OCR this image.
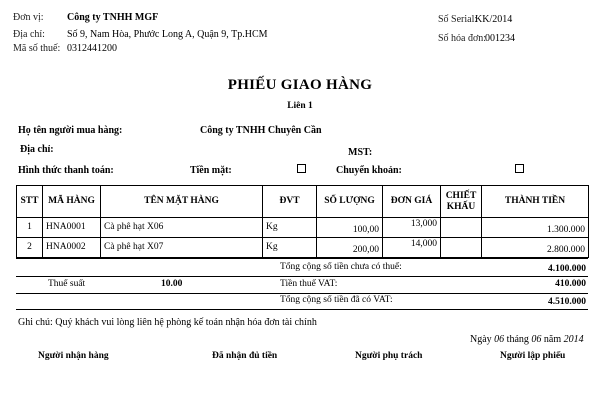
Đơn vị: Công ty TNHH MGF
Địa chỉ: Số 9, Nam Hòa, Phước Long A, Quận 9, Tp.HCM
Mã số thuế: 0312441200
Số Serial:
KK/2014
Số hóa đơn:
001234
PHIẾU GIAO HÀNG
Liên 1
Họ tên người mua hàng:	Công ty TNHH Chuyên Cần
Địa chỉ:	MST:
Hình thức thanh toán:	Tiền mặt:	Chuyển khoản:
STT	MÃ HÀNG	TÊN MẶT HÀNG	ĐVT	SỐ LƯỢNG	ĐƠN GIÁ	CHIẾT KHẤU	THÀNH TIỀN
1	HNA0001	Cà phê hạt X06	Kg	100,00	13,000		1.300.000
2	HNA0002	Cà phê hạt X07	Kg	200,00	14,000		2.800.000
Tổng cộng số tiền chưa có thuế:	4.100.000
Thuế suất	10.00	Tiền thuế VAT:	410.000
Tổng cộng số tiền đã có VAT:	4.510.000
Ghi chú: Quý khách vui lòng liên hệ phòng kế toán nhận hóa đơn tài chính
Ngày 06 tháng 06 năm 2014
Người nhận hàng	Đã nhận đủ tiền	Người phụ trách	Người lập phiếu
